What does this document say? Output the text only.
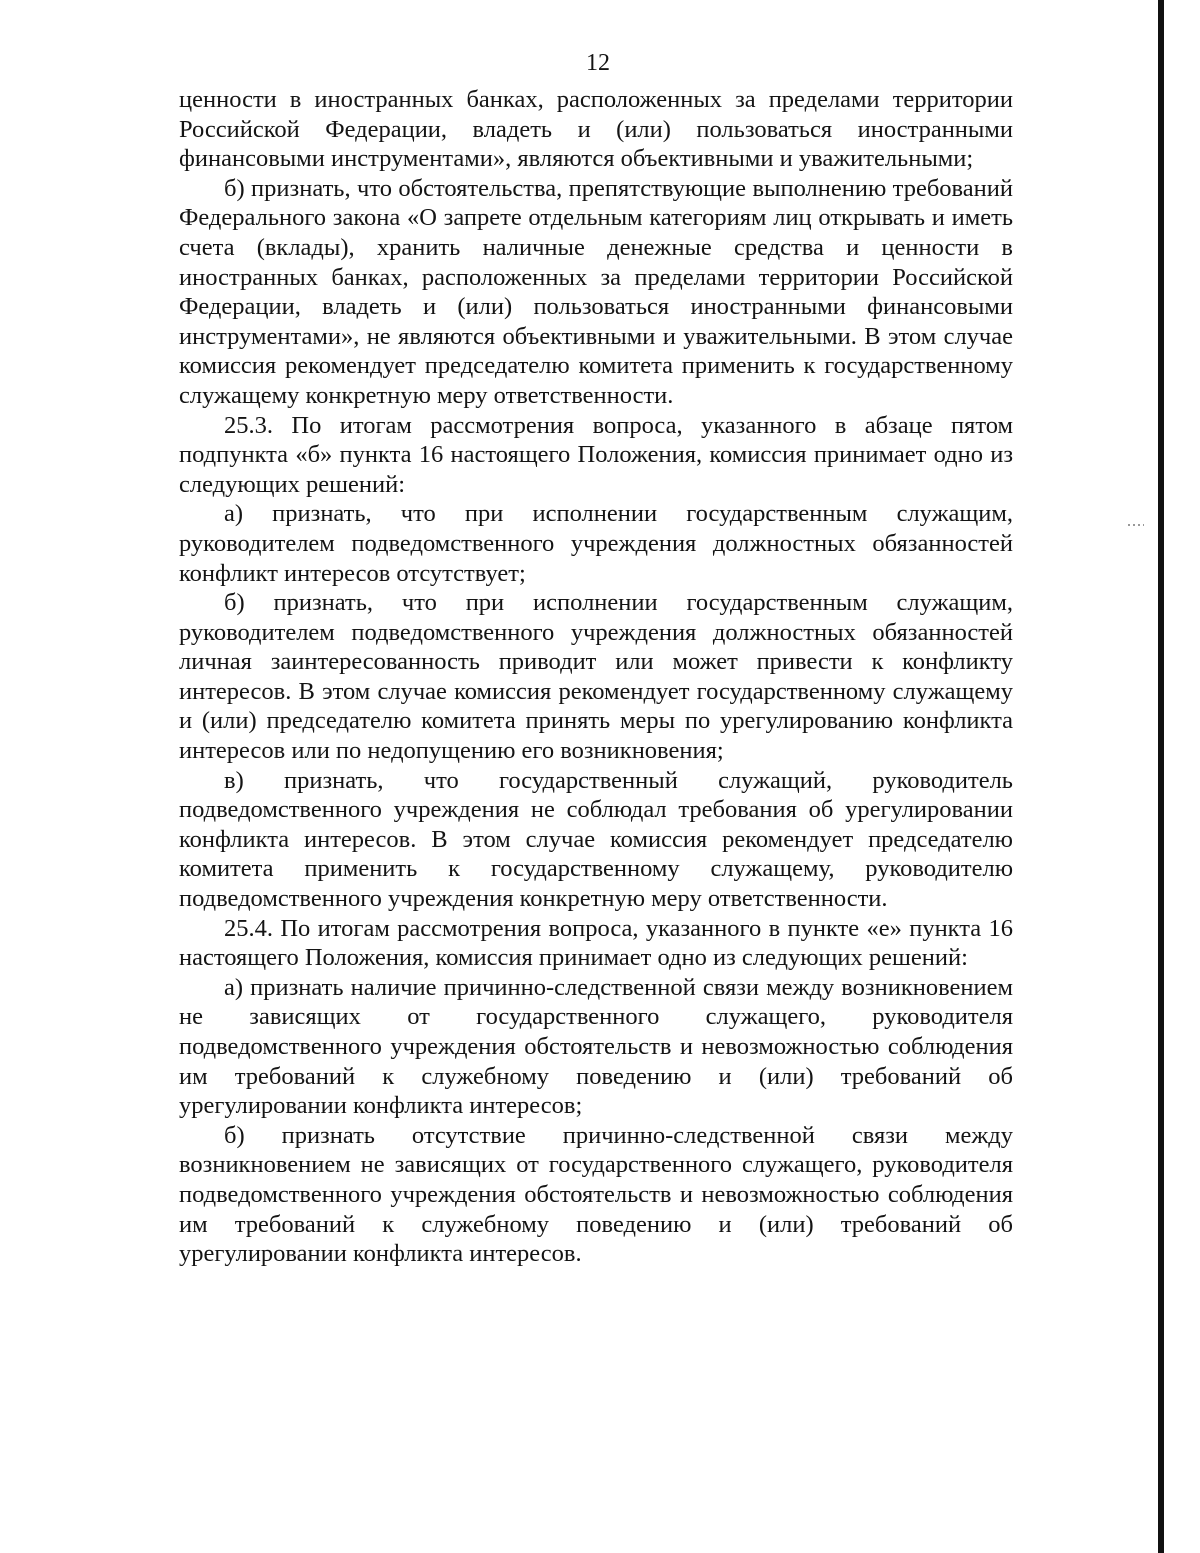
12

ценности в иностранных банках, расположенных за пределами территории Российской Федерации, владеть и (или) пользоваться иностранными финансовыми инструментами», являются объективными и уважительными;

б) признать, что обстоятельства, препятствующие выполнению требований Федерального закона «О запрете отдельным категориям лиц открывать и иметь счета (вклады), хранить наличные денежные средства и ценности в иностранных банках, расположенных за пределами территории Российской Федерации, владеть и (или) пользоваться иностранными финансовыми инструментами», не являются объективными и уважительными. В этом случае комиссия рекомендует председателю комитета применить к государственному служащему конкретную меру ответственности.

25.3. По итогам рассмотрения вопроса, указанного в абзаце пятом подпункта «б» пункта 16 настоящего Положения, комиссия принимает одно из следующих решений:

а) признать, что при исполнении государственным служащим, руководителем подведомственного учреждения должностных обязанностей конфликт интересов отсутствует;

б) признать, что при исполнении государственным служащим, руководителем подведомственного учреждения должностных обязанностей личная заинтересованность приводит или может привести к конфликту интересов. В этом случае комиссия рекомендует государственному служащему и (или) председателю комитета принять меры по урегулированию конфликта интересов или по недопущению его возникновения;

в) признать, что государственный служащий, руководитель подведомственного учреждения не соблюдал требования об урегулировании конфликта интересов. В этом случае комиссия рекомендует председателю комитета применить к государственному служащему, руководителю подведомственного учреждения конкретную меру ответственности.

25.4. По итогам рассмотрения вопроса, указанного в пункте «е» пункта 16 настоящего Положения, комиссия принимает одно из следующих решений:

а) признать наличие причинно-следственной связи между возникновением не зависящих от государственного служащего, руководителя подведомственного учреждения обстоятельств и невозможностью соблюдения им требований к служебному поведению и (или) требований об урегулировании конфликта интересов;

б) признать отсутствие причинно-следственной связи между возникновением не зависящих от государственного служащего, руководителя подведомственного учреждения обстоятельств и невозможностью соблюдения им требований к служебному поведению и (или) требований об урегулировании конфликта интересов.
